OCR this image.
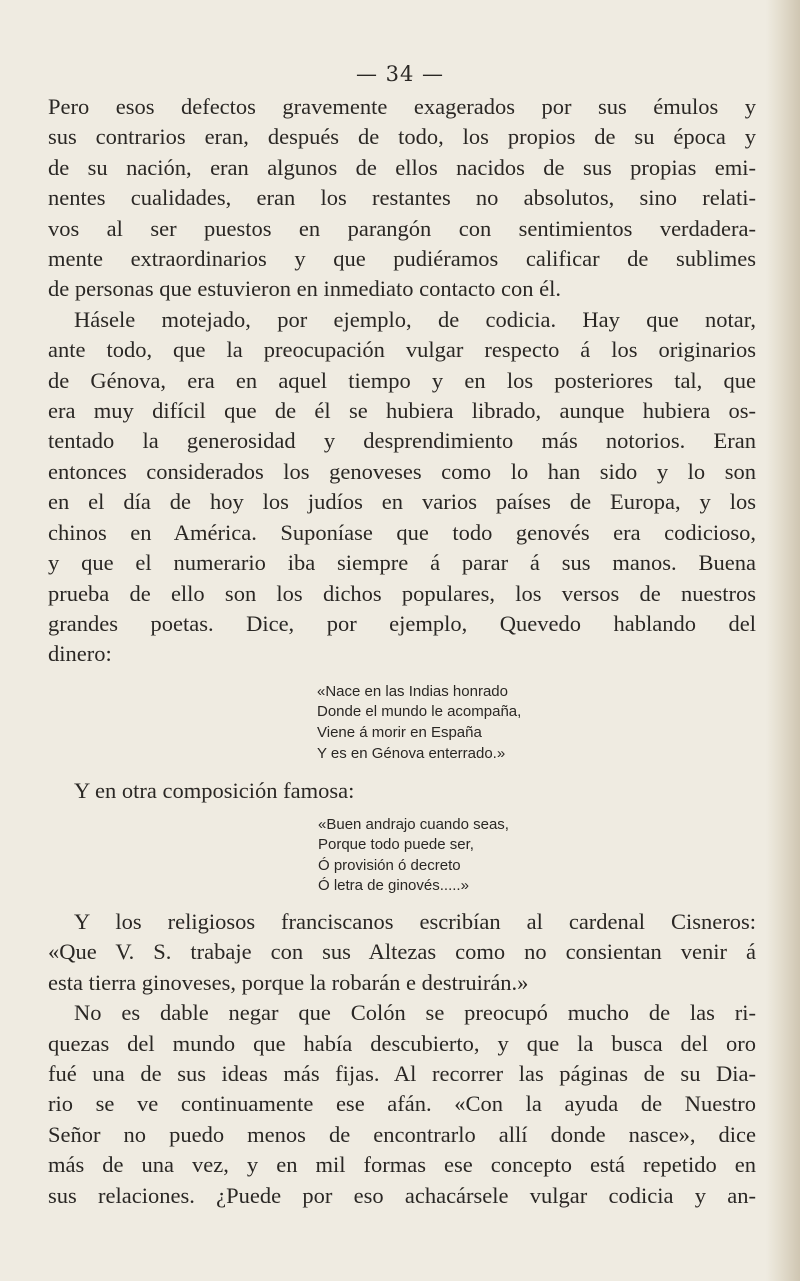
— 34 —
Pero esos defectos gravemente exagerados por sus émulos y
sus contrarios eran, después de todo, los propios de su época y
de su nación, eran algunos de ellos nacidos de sus propias emi-
nentes cualidades, eran los restantes no absolutos, sino relati-
vos al ser puestos en parangón con sentimientos verdadera-
mente extraordinarios y que pudiéramos calificar de sublimes
de personas que estuvieron en inmediato contacto con él.
Hásele motejado, por ejemplo, de codicia. Hay que notar,
ante todo, que la preocupación vulgar respecto á los originarios
de Génova, era en aquel tiempo y en los posteriores tal, que
era muy difícil que de él se hubiera librado, aunque hubiera os-
tentado la generosidad y desprendimiento más notorios. Eran
entonces considerados los genoveses como lo han sido y lo son
en el día de hoy los judíos en varios países de Europa, y los
chinos en América. Suponíase que todo genovés era codicioso,
y que el numerario iba siempre á parar á sus manos. Buena
prueba de ello son los dichos populares, los versos de nuestros
grandes poetas. Dice, por ejemplo, Quevedo hablando del
dinero:
«Nace en las Indias honrado
Donde el mundo le acompaña,
Viene á morir en España
Y es en Génova enterrado.»
Y en otra composición famosa:
«Buen andrajo cuando seas,
Porque todo puede ser,
Ó provisión ó decreto
Ó letra de ginovés.....»
Y los religiosos franciscanos escribían al cardenal Cisneros:
«Que V. S. trabaje con sus Altezas como no consientan venir á
esta tierra ginoveses, porque la robarán e destruirán.»
No es dable negar que Colón se preocupó mucho de las ri-
quezas del mundo que había descubierto, y que la busca del oro
fué una de sus ideas más fijas. Al recorrer las páginas de su Dia-
rio se ve continuamente ese afán. «Con la ayuda de Nuestro
Señor no puedo menos de encontrarlo allí donde nasce», dice
más de una vez, y en mil formas ese concepto está repetido en
sus relaciones. ¿Puede por eso achacársele vulgar codicia y an-
